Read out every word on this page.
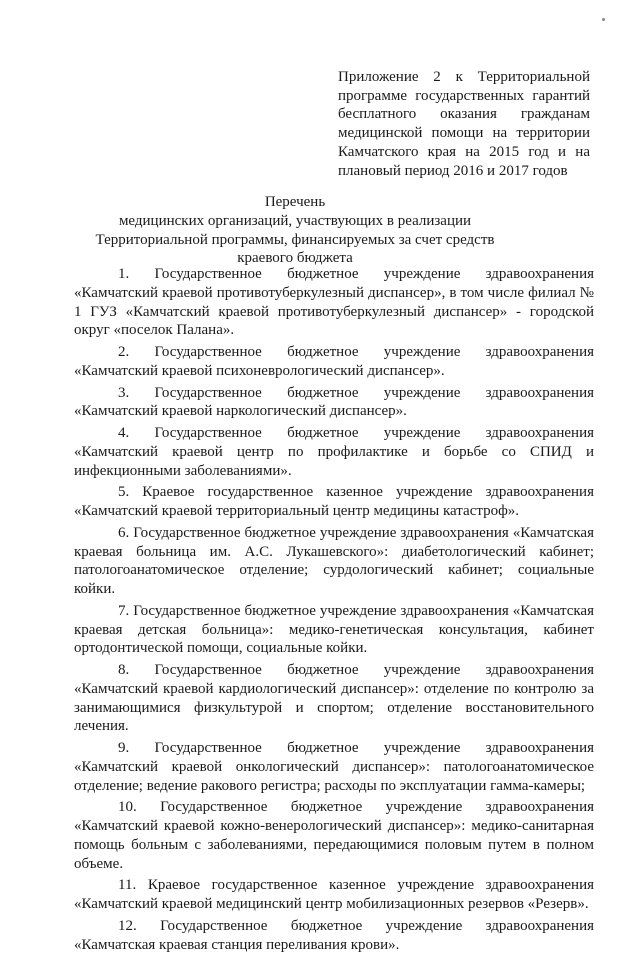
Приложение 2 к Территориальной программе государственных гарантий бесплатного оказания гражданам медицинской помощи на территории Камчатского края на 2015 год и на плановый период 2016 и 2017 годов
Перечень
медицинских организаций, участвующих в реализации Территориальной программы, финансируемых за счет средств краевого бюджета
1. Государственное бюджетное учреждение здравоохранения «Камчатский краевой противотуберкулезный диспансер», в том числе филиал № 1 ГУЗ «Камчатский краевой противотуберкулезный диспансер» - городской округ «поселок Палана».
2. Государственное бюджетное учреждение здравоохранения «Камчатский краевой психоневрологический диспансер».
3. Государственное бюджетное учреждение здравоохранения «Камчатский краевой наркологический диспансер».
4. Государственное бюджетное учреждение здравоохранения «Камчатский краевой центр по профилактике и борьбе со СПИД и инфекционными заболеваниями».
5. Краевое государственное казенное учреждение здравоохранения «Камчатский краевой территориальный центр медицины катастроф».
6. Государственное бюджетное учреждение здравоохранения «Камчатская краевая больница им. А.С. Лукашевского»: диабетологический кабинет; патологоанатомическое отделение; сурдологический кабинет; социальные койки.
7. Государственное бюджетное учреждение здравоохранения «Камчатская краевая детская больница»: медико-генетическая консультация, кабинет ортодонтической помощи, социальные койки.
8. Государственное бюджетное учреждение здравоохранения «Камчатский краевой кардиологический диспансер»: отделение по контролю за занимающимися физкультурой и спортом; отделение восстановительного лечения.
9. Государственное бюджетное учреждение здравоохранения «Камчатский краевой онкологический диспансер»: патологоанатомическое отделение; ведение ракового регистра; расходы по эксплуатации гамма-камеры;
10. Государственное бюджетное учреждение здравоохранения «Камчатский краевой кожно-венерологический диспансер»: медико-санитарная помощь больным с заболеваниями, передающимися половым путем в полном объеме.
11. Краевое государственное казенное учреждение здравоохранения «Камчатский краевой медицинский центр мобилизационных резервов «Резерв».
12. Государственное бюджетное учреждение здравоохранения «Камчатская краевая станция переливания крови».
